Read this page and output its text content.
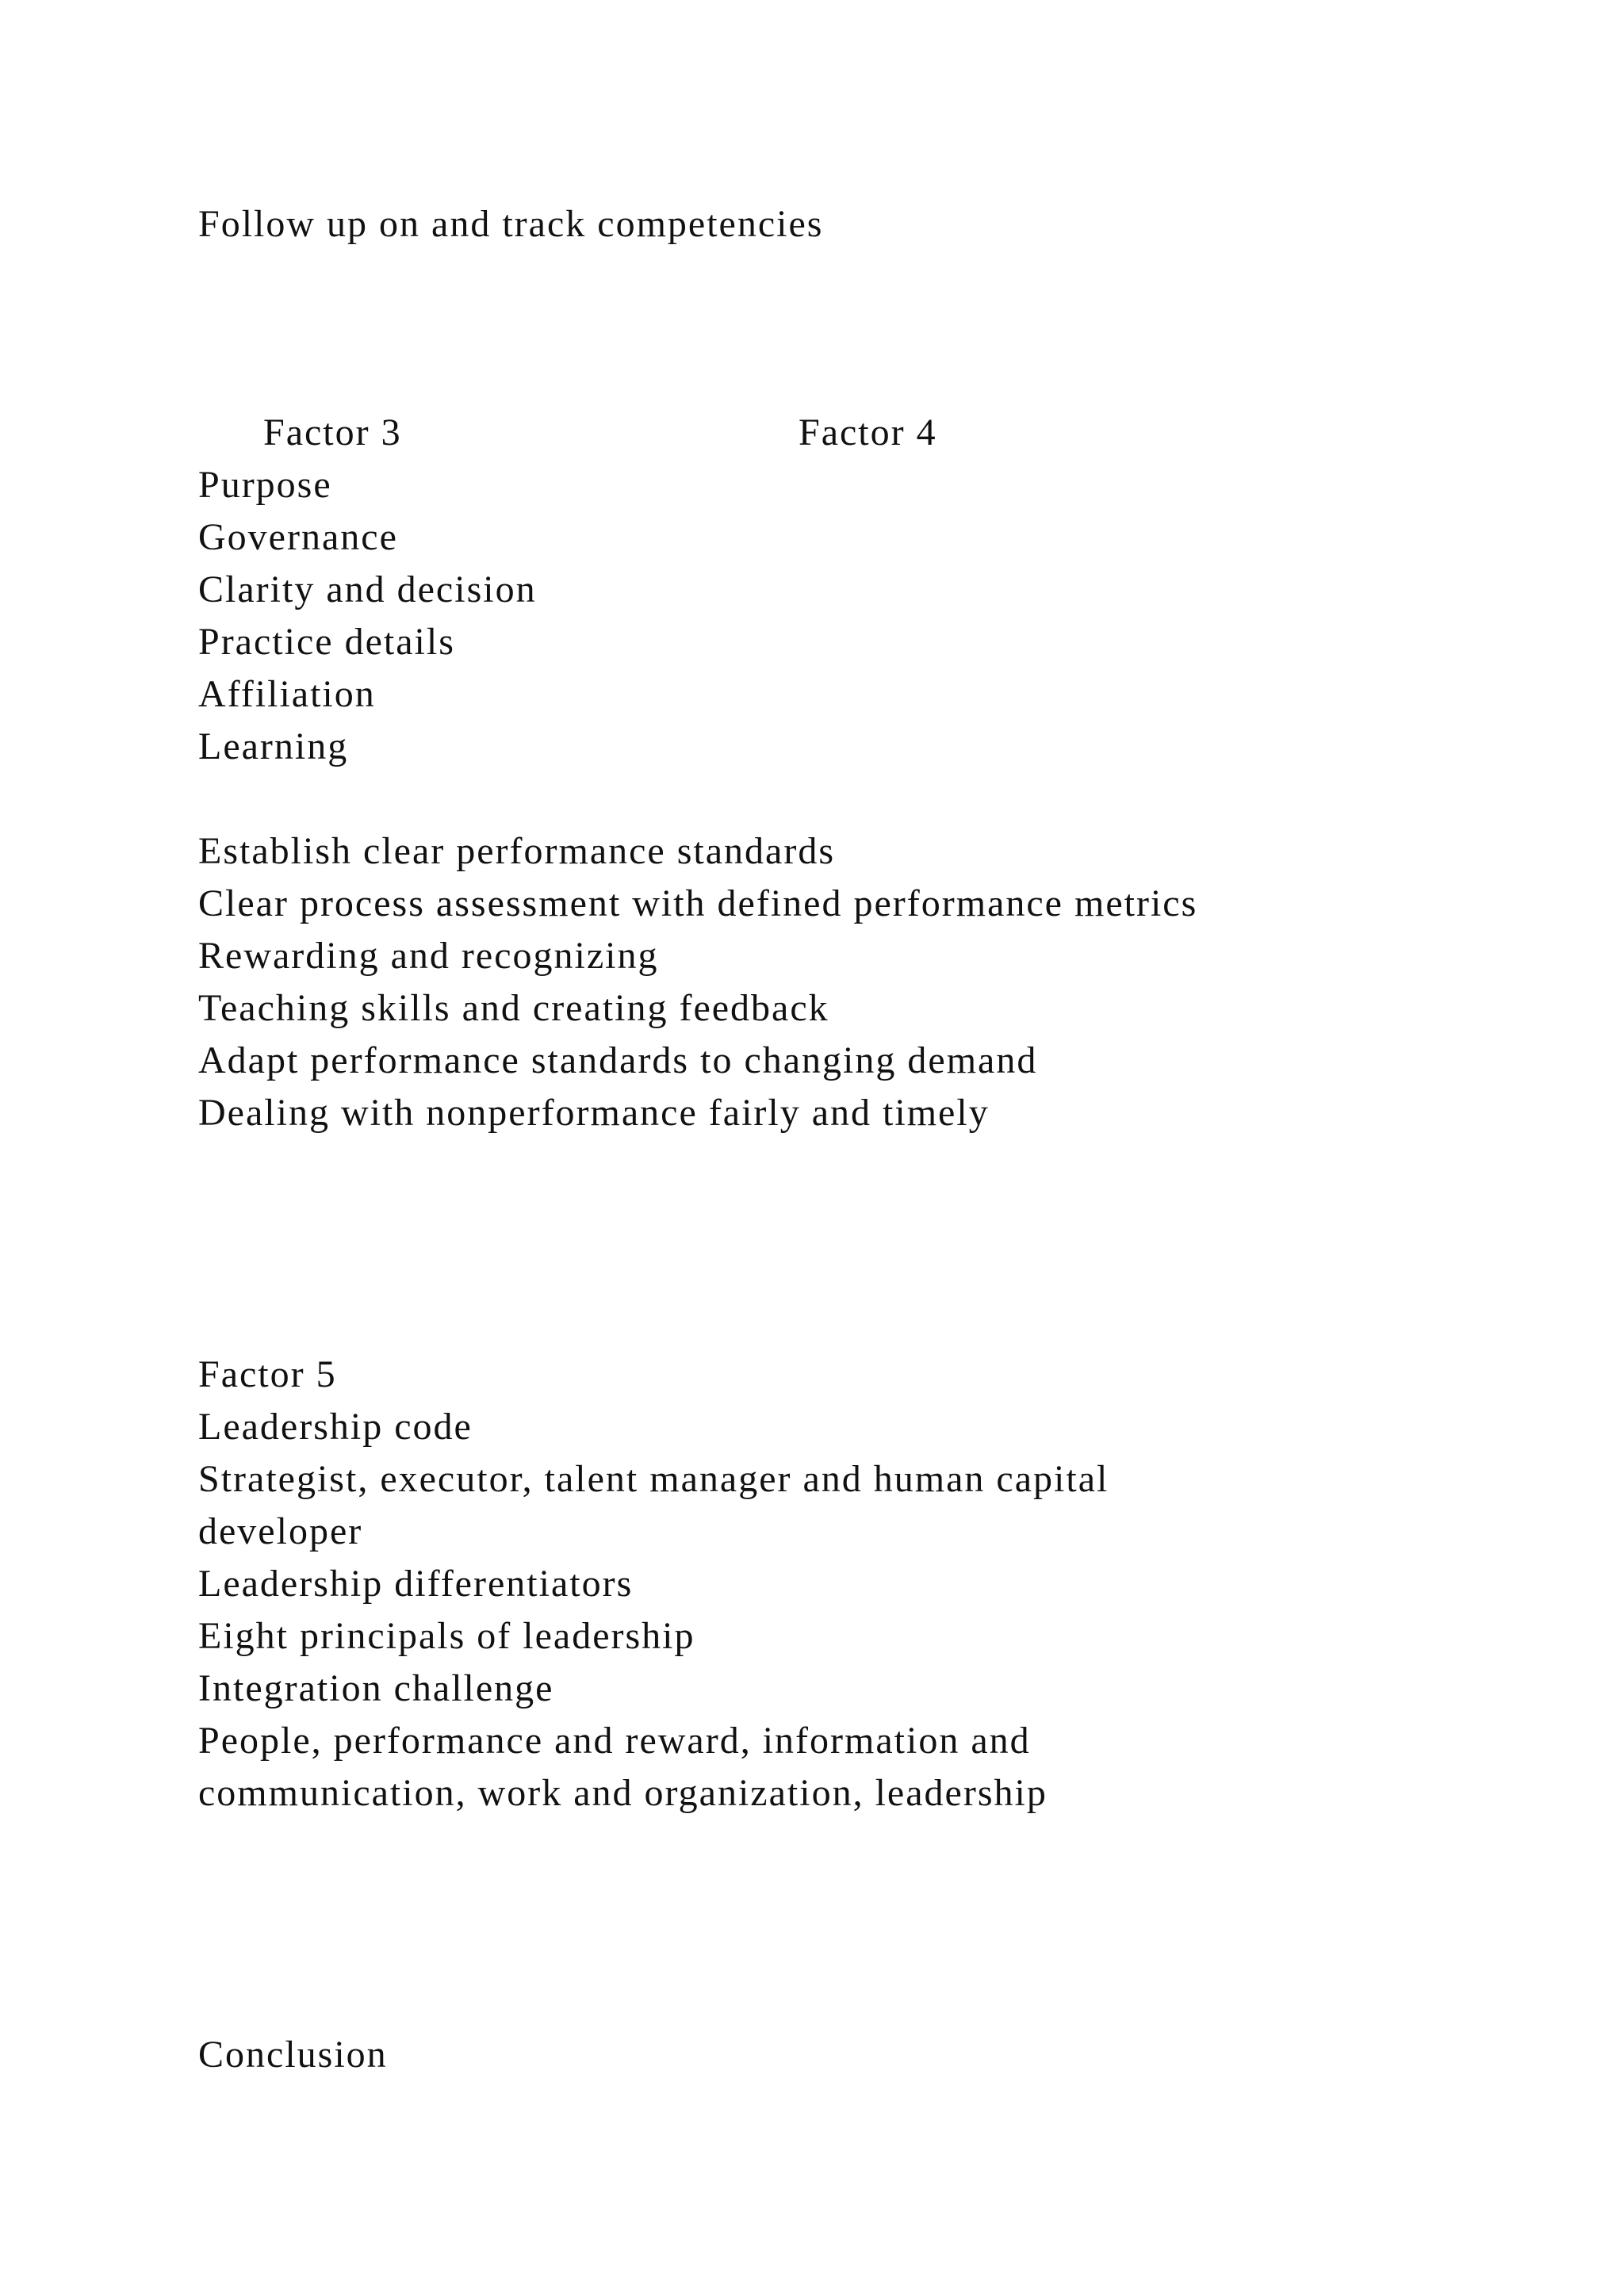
Follow up on and track competencies

Factor 3	Factor 4

Purpose

Governance

Clarity and decision

Practice details

Affiliation

Learning

Establish clear performance standards

Clear process assessment with defined performance metrics

Rewarding and recognizing

Teaching skills and creating feedback

Adapt performance standards to changing demand

Dealing with nonperformance fairly and timely

Factor 5

Leadership code

Strategist, executor, talent manager and human capital

developer

Leadership differentiators

Eight principals of leadership

Integration challenge

People, performance and reward, information and

communication, work and organization, leadership

Conclusion
